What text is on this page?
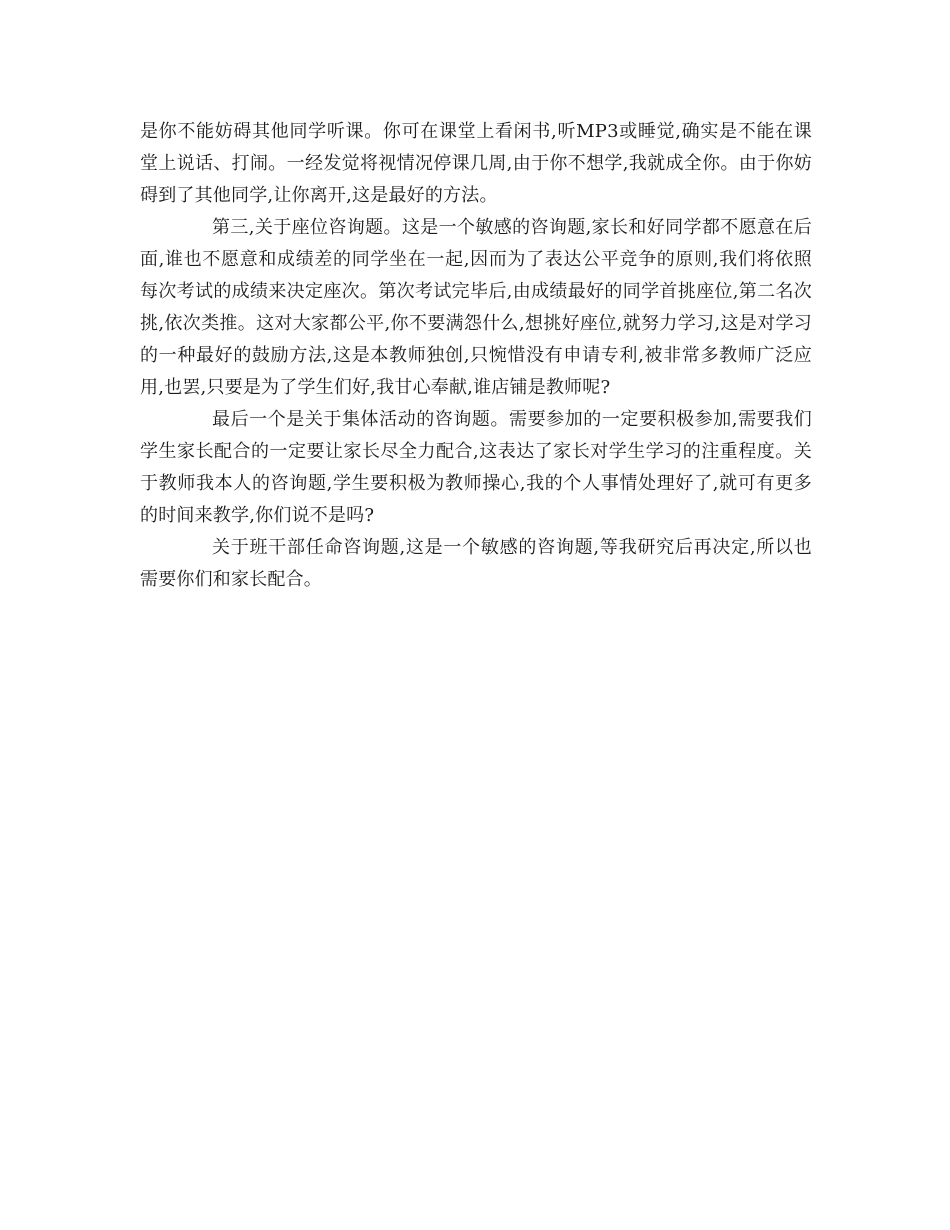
是你不能妨碍其他同学听课。你可在课堂上看闲书,听MP3或睡觉,确实是不能在课堂上说话、打闹。一经发觉将视情况停课几周,由于你不想学,我就成全你。由于你妨碍到了其他同学,让你离开,这是最好的方法。

第三,关于座位咨询题。这是一个敏感的咨询题,家长和好同学都不愿意在后面,谁也不愿意和成绩差的同学坐在一起,因而为了表达公平竞争的原则,我们将依照每次考试的成绩来决定座次。第次考试完毕后,由成绩最好的同学首挑座位,第二名次挑,依次类推。这对大家都公平,你不要满怨什么,想挑好座位,就努力学习,这是对学习的一种最好的鼓励方法,这是本教师独创,只惋惜没有申请专利,被非常多教师广泛应用,也罢,只要是为了学生们好,我甘心奉献,谁店铺是教师呢?

最后一个是关于集体活动的咨询题。需要参加的一定要积极参加,需要我们学生家长配合的一定要让家长尽全力配合,这表达了家长对学生学习的注重程度。关于教师我本人的咨询题,学生要积极为教师操心,我的个人事情处理好了,就可有更多的时间来教学,你们说不是吗?

关于班干部任命咨询题,这是一个敏感的咨询题,等我研究后再决定,所以也需要你们和家长配合。
